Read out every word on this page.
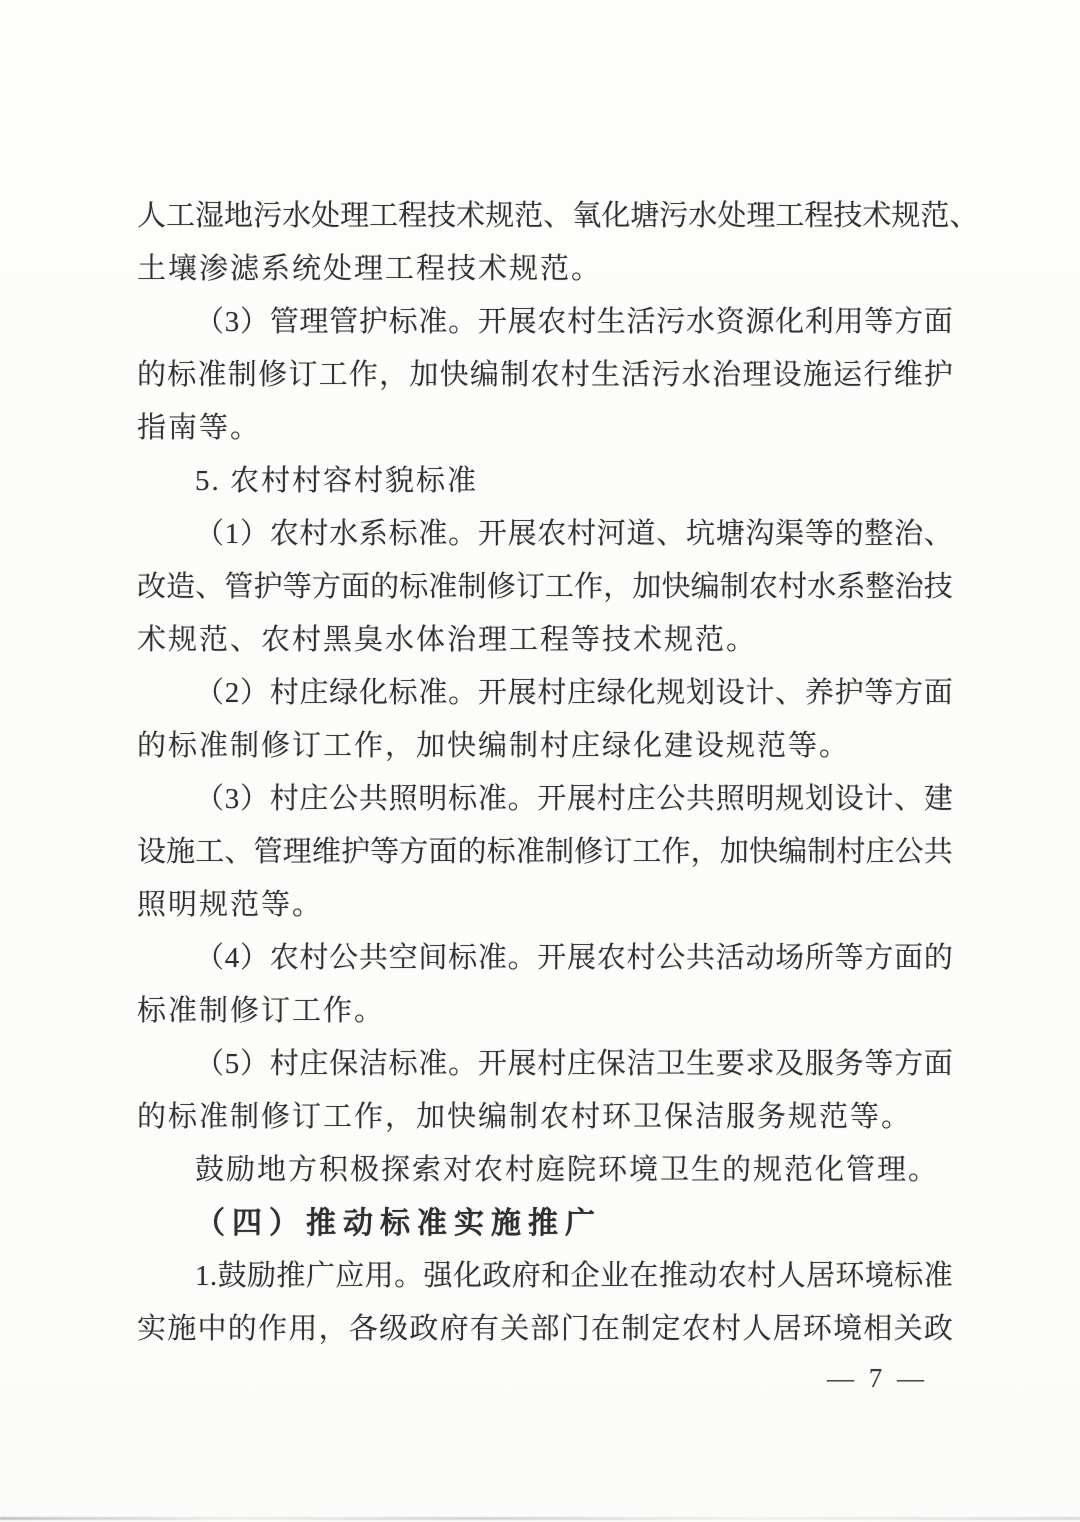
人 工 湿 地 污 水 处 理 工 程 技 术 规 范 、 氧 化 塘 污 水 处 理 工 程 技 术 规 范 、
土壤渗滤系统处理工程技术规范。
（ 3 ） 管 理 管 护 标 准 。 开 展 农 村 生 活 污 水 资 源 化 利 用 等 方 面
的 标 准 制 修 订 工 作 ， 加 快 编 制 农 村 生 活 污 水 治 理 设 施 运 行 维 护
指南等。
5. 农村村容村貌标准
（ 1 ） 农 村 水 系 标 准 。 开 展 农 村 河 道 、 坑 塘 沟 渠 等 的 整 治 、
改 造 、 管 护 等 方 面 的 标 准 制 修 订 工 作 ， 加 快 编 制 农 村 水 系 整 治 技
术规范、农村黑臭水体治理工程等技术规范。
（ 2 ） 村 庄 绿 化 标 准 。 开 展 村 庄 绿 化 规 划 设 计 、 养 护 等 方 面
的标准制修订工作，加快编制村庄绿化建设规范等。
（ 3 ） 村 庄 公 共 照 明 标 准 。 开 展 村 庄 公 共 照 明 规 划 设 计 、 建
设 施 工 、 管 理 维 护 等 方 面 的 标 准 制 修 订 工 作 ， 加 快 编 制 村 庄 公 共
照明规范等。
（ 4 ） 农 村 公 共 空 间 标 准 。 开 展 农 村 公 共 活 动 场 所 等 方 面 的
标准制修订工作。
（ 5 ） 村 庄 保 洁 标 准 。 开 展 村 庄 保 洁 卫 生 要 求 及 服 务 等 方 面
的标准制修订工作，加快编制农村环卫保洁服务规范等。
鼓励地方积极探索对农村庭院环境卫生的规范化管理。
（四）推动标准实施推广
1 . 鼓 励 推 广 应 用 。 强 化 政 府 和 企 业 在 推 动 农 村 人 居 环 境 标 准
实 施 中 的 作 用 ， 各 级 政 府 有 关 部 门 在 制 定 农 村 人 居 环 境 相 关 政
— 7 —
